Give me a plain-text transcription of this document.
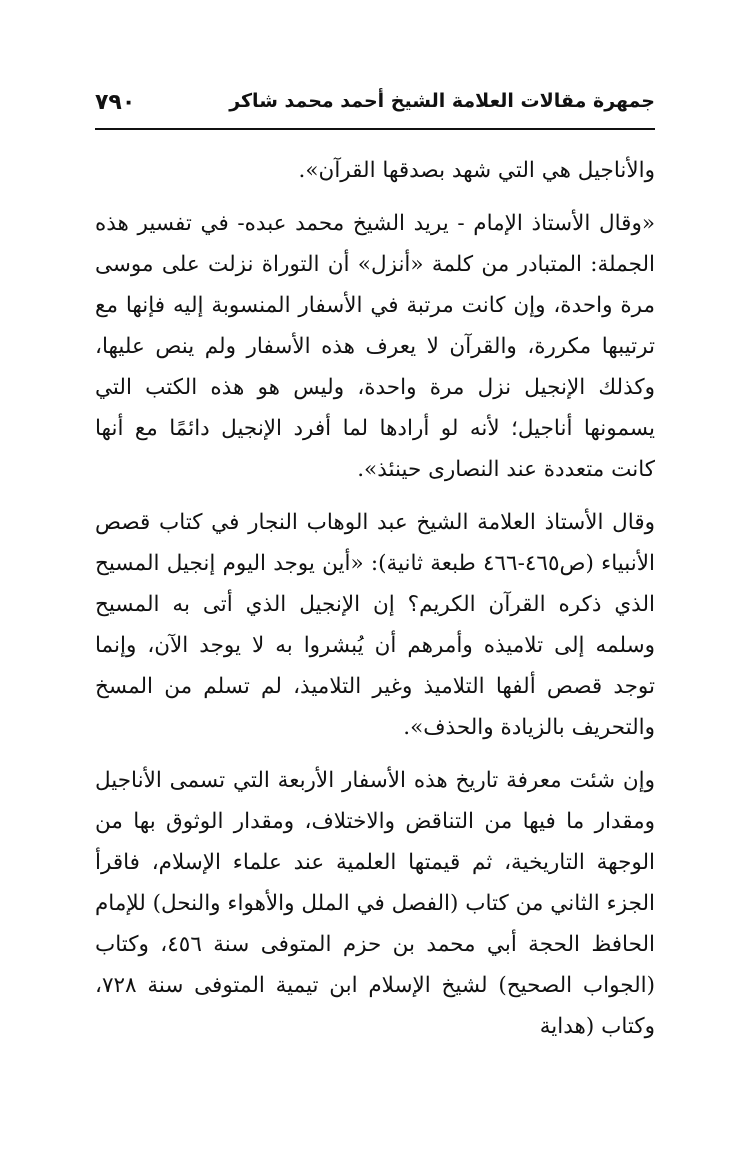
٧٩٠	جمهرة مقالات العلامة الشيخ أحمد محمد شاكر

والأناجيل هي التي شهد بصدقها القرآن».

«وقال الأستاذ الإمام - يريد الشيخ محمد عبده- في تفسير هذه الجملة: المتبادر من كلمة «أنزل» أن التوراة نزلت على موسى مرة واحدة، وإن كانت مرتبة في الأسفار المنسوبة إليه فإنها مع ترتيبها مكررة، والقرآن لا يعرف هذه الأسفار ولم ينص عليها، وكذلك الإنجيل نزل مرة واحدة، وليس هو هذه الكتب التي يسمونها أناجيل؛ لأنه لو أرادها لما أفرد الإنجيل دائمًا مع أنها كانت متعددة عند النصارى حينئذ».

وقال الأستاذ العلامة الشيخ عبد الوهاب النجار في كتاب قصص الأنبياء (ص٤٦٥-٤٦٦ طبعة ثانية): «أين يوجد اليوم إنجيل المسيح الذي ذكره القرآن الكريم؟ إن الإنجيل الذي أتى به المسيح وسلمه إلى تلاميذه وأمرهم أن يُبشروا به لا يوجد الآن، وإنما توجد قصص ألفها التلاميذ وغير التلاميذ، لم تسلم من المسخ والتحريف بالزيادة والحذف».

وإن شئت معرفة تاريخ هذه الأسفار الأربعة التي تسمى الأناجيل ومقدار ما فيها من التناقض والاختلاف، ومقدار الوثوق بها من الوجهة التاريخية، ثم قيمتها العلمية عند علماء الإسلام، فاقرأ الجزء الثاني من كتاب (الفصل في الملل والأهواء والنحل) للإمام الحافظ الحجة أبي محمد بن حزم المتوفى سنة ٤٥٦، وكتاب (الجواب الصحيح) لشيخ الإسلام ابن تيمية المتوفى سنة ٧٢٨، وكتاب (هداية
